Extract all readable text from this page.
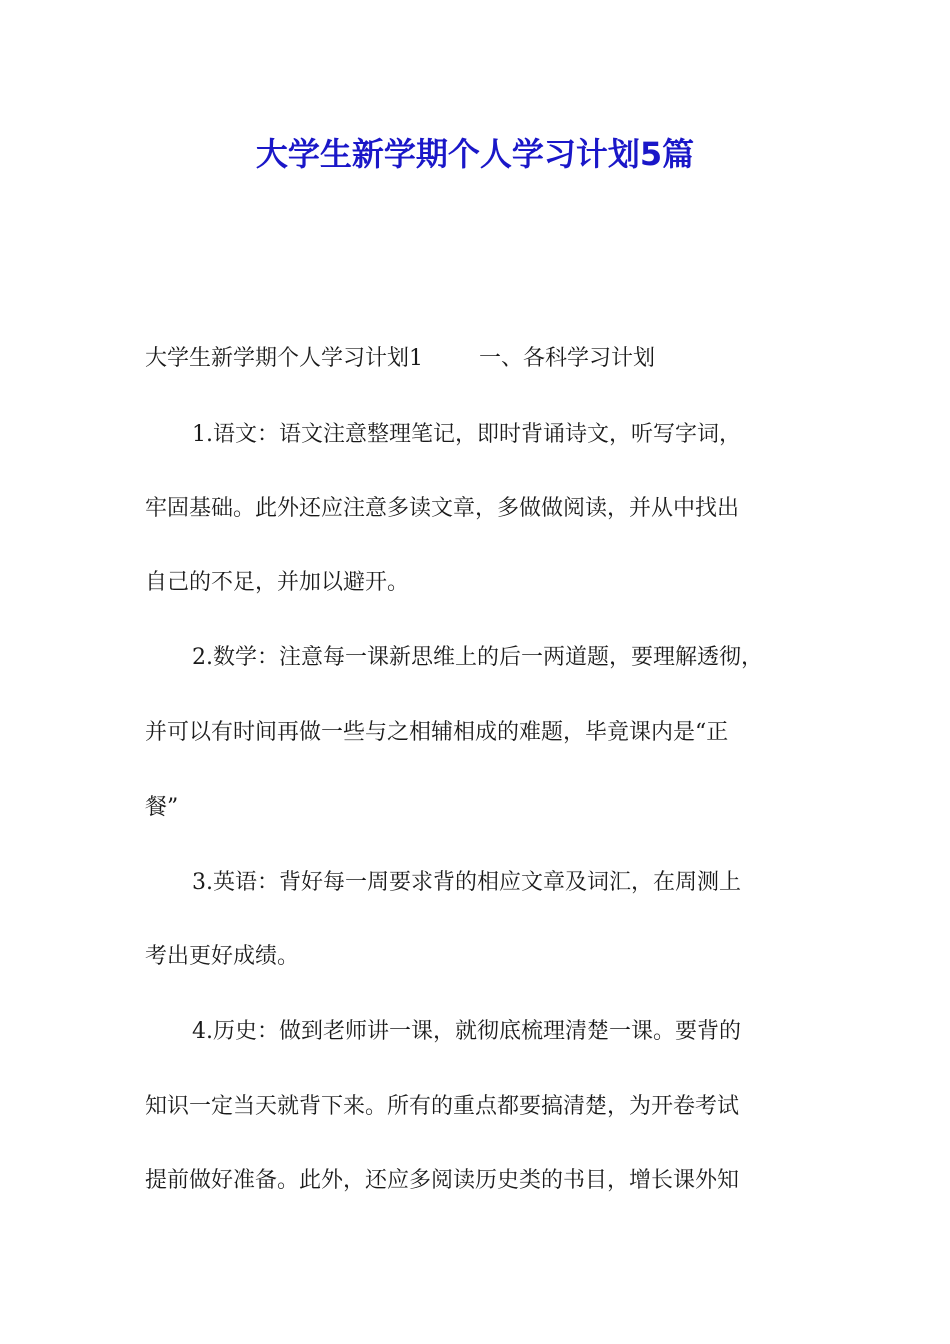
大学生新学期个人学习计划5篇

大学生新学期个人学习计划1	一、各科学习计划

1.语文：语文注意整理笔记，即时背诵诗文，听写字词，

牢固基础。此外还应注意多读文章，多做做阅读，并从中找出

自己的不足，并加以避开。

2.数学：注意每一课新思维上的后一两道题，要理解透彻，

并可以有时间再做一些与之相辅相成的难题，毕竟课内是“正

餐”

3.英语：背好每一周要求背的相应文章及词汇，在周测上

考出更好成绩。

4.历史：做到老师讲一课，就彻底梳理清楚一课。要背的

知识一定当天就背下来。所有的重点都要搞清楚，为开卷考试

提前做好准备。此外，还应多阅读历史类的书目，增长课外知
